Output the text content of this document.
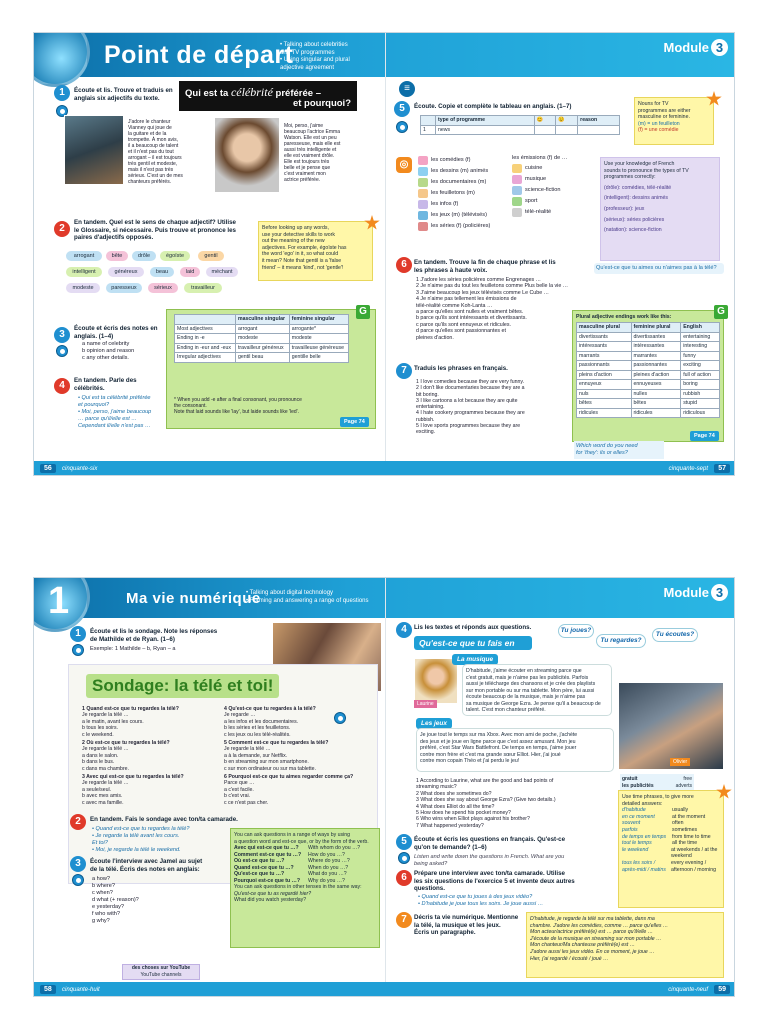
Point de départ
• Talking about celebrities
and TV programmes
• Using singular and plural
adjective agreement
Module 3
1	Écoute et lis. Trouve et traduis en
anglais six adjectifs du texte.	Qui est ta célébrité préférée –
et pourquoi?
J'adore le chanteur
Vianney qui joue de
la guitare et de la
trompette. À mon avis,
il a beaucoup de talent
et il n'est pas du tout
arrogant – il est toujours
très gentil et modeste,
mais il n'est pas très
sérieux. C'est un de mes
chanteurs préférés.
Moi, perso, j'aime
beaucoup l'actrice Emma
Watson. Elle est un peu
paresseuse, mais elle est
aussi très intelligente et
elle est vraiment drôle.
Elle est toujours très
belle et je pense que
c'est vraiment mon
actrice préférée.
2
En tandem. Quel est le sens de chaque adjectif? Utilise
le Glossaire, si nécessaire. Puis trouve et prononce les
paires d'adjectifs opposés.
Before looking up any words,
use your detective skills to work
out the meaning of the new
adjectives. For example, égoïste has
the word 'ego' in it, so what could
it mean? Note that gentil is a 'false
friend' – it means 'kind', not 'gentle'!
arrogant	bête	drôle	égoïste	gentil
intelligent	généreux	beau	laid	méchant
modeste	paresseux	sérieux	travailleur
3
Écoute et écris des notes en
anglais. (1–4)
a name of celebrity
b opinion and reason
c any other details.
4	En tandem. Parle des
célébrités.
• Qui est ta célébrité préférée
et pourquoi?
• Moi, perso, j'aime beaucoup
… parce qu'il/elle est …
Cependant il/elle n'est pas …
G
	masculine singular	feminine singular
Most adjectives	arrogant	arrogante*
Ending in -e	modeste	modeste
Ending in -eur and -eux	travailleur généreux	travailleuse généreuse
Irregular adjectives	gentil beau	gentille belle
* When you add -e after a final consonant, you pronounce
the consonant.
Note that laid sounds like 'lay', but laide sounds like 'led'.
Page 74
56	cinquante-six
≡
5	Écoute. Copie et complète le tableau en anglais. (1–7)
	type of programme	😊	😟	reason
1	news			
Nouns for TV
programmes are either
masculine or feminine.
(m) = un feuilleton
(f) = une comédie
◎	les comédies (f)
les dessins (m) animés
les documentaires (m)
les feuilletons (m)
les infos (f)
les jeux (m) (télévisés)
les séries (f) (policières)
les émissions (f) de …
cuisine
musique
science-fiction
sport
télé-réalité
Use your knowledge of French
sounds to pronounce the types of TV
programmes correctly:
(drôle): comédies, télé-réalité
(intelligent): dessins animés
(professeur): jeux
(sérieux): séries policières
(natation): science-fiction
6	En tandem. Trouve la fin de chaque phrase et lis
les phrases à haute voix.	Qu'est-ce que tu aimes ou n'aimes pas à la télé?
1 J'adore les séries policières comme Engrenages …
2 Je n'aime pas du tout les feuilletons comme Plus belle la vie …
3 J'aime beaucoup les jeux télévisés comme Le Cube …
4 Je n'aime pas tellement les émissions de
télé-réalité comme Koh-Lanta …
a parce qu'elles sont nulles et vraiment bêtes.
b parce qu'ils sont intéressants et divertissants.
c parce qu'ils sont ennuyeux et ridicules.
d parce qu'elles sont passionnantes et
pleines d'action.
Plural adjective endings work like this:	G
masculine plural	feminine plural	English
divertissants	divertissantes	entertaining
intéressants	intéressantes	interesting
marrants	marrantes	funny
passionnants	passionnantes	exciting
pleins d'action	pleines d'action	full of action
ennuyeux	ennuyeuses	boring
nuls	nulles	rubbish
bêtes	bêtes	stupid
ridicules	ridicules	ridiculous
Page 74
7	Traduis les phrases en français.
1 I love comedies because they are very funny.
2 I don't like documentaries because they are a
bit boring.
3 I like cartoons a lot because they are quite
entertaining.
4 I hate cookery programmes because they are
rubbish.
5 I love sports programmes because they are
exciting.
Which word do you need
for 'they': ils or elles?
cinquante-sept	57
1	Ma vie numérique
• Talking about digital technology
• Forming and answering a range of questions
Module 3
1	Écoute et lis le sondage. Note les réponses
de Mathilde et de Ryan. (1–6)
Exemple: 1 Mathilde – b, Ryan – a
Sondage: la télé et toi!
1 Quand est-ce que tu regardes la télé?
Je regarde la télé …
a le matin, avant les cours.
b tous les soirs.
c le weekend.
2 Où est-ce que tu regardes la télé?
Je regarde la télé …
a dans le salon.
b dans le bus.
c dans ma chambre.
3 Avec qui est-ce que tu regardes la télé?
Je regarde la télé …
a seule/seul.
b avec mes amis.
c avec ma famille.
4 Qu'est-ce que tu regardes à la télé?
Je regarde …
a les infos et les documentaires.
b les séries et les feuilletons.
c les jeux ou les télé-réalités.
5 Comment est-ce que tu regardes la télé?
Je regarde la télé …
a à la demande, sur Netflix.
b en streaming sur mon smartphone.
c sur mon ordinateur ou sur ma tablette.
6 Pourquoi est-ce que tu aimes regarder comme ça?
Parce que …
a c'est facile.
b c'est vrai.
c ce n'est pas cher.
2	En tandem. Fais le sondage avec ton/ta camarade.
• Quand est-ce que tu regardes la télé?
• Je regarde la télé avant les cours.
Et toi?
• Moi, je regarde la télé le weekend.
3	Écoute l'interview avec Jamel au sujet
de la télé. Écris des notes en anglais:
a how?
b where?
c when?
d what (+ reason)?
e yesterday?
f who with?
g why?
des choses sur YouTube
YouTube channels
You can ask questions in a range of ways by using
a question word and est-ce que, or by the form of the verb.
Avec qui est-ce que tu …?	With whom do you …?
Comment est-ce que tu …?	How do you …?
Où est-ce que tu …?	Where do you …?
Quand est-ce que tu …?	When do you …?
Qu'est-ce que tu …?	What do you …?
Pourquoi est-ce que tu …?	Why do you …?
You can ask questions in other tenses in the same way:
Qu'est-ce que tu as regardé hier?
What did you watch yesterday?
58	cinquante-huit
4	Lis les textes et réponds aux questions.
Qu'est-ce que tu fais en ligne?
Tu joues?
Tu regardes?
Tu écoutes?
Laurine
La musique
D'habitude, j'aime écouter en streaming parce que
c'est gratuit, mais je n'aime pas les publicités. Parfois
aussi je télécharge des chansons et je crée des playlists
sur mon portable ou sur ma tablette. Mon père, lui aussi
écoute beaucoup de la musique, mais je n'aime pas
sa musique de George Ezra. Je pense qu'il a beaucoup de
talent. C'est mon chanteur préféré.
Les jeux
Je joue tout le temps sur ma Xbox. Avec mon ami de poche, j'achète
des jeux et je joue en ligne parce que c'est assez amusant. Mon jeu
préféré, c'est Star Wars Battlefront. De temps en temps, j'aime jouer
contre mon frère et c'est ma grande sœur Elliot. Hier, j'ai joué
contre mon copain Théo et j'ai perdu le jeu!	Olivier
gratuit	free
les publicités	adverts
1 According to Laurine, what are the good and bad points of
streaming music?
2 What does she sometimes do?
3 What does she say about George Ezra? (Give two details.)
4 What does Elliot do all the time?
5 How does he spend his pocket money?
6 Who wins when Elliot plays against his brother?
7 What happened yesterday?
Use time phrases, to give more
detailed answers:
d'habitude	usually
en ce moment	at the moment
souvent	often
parfois	sometimes
de temps en temps	from time to time
tout le temps	all the time
le weekend	at weekends / at the weekend
tous les soirs / après-midi / matins
every evening / afternoon / morning
5	Écoute et écris les questions en français. Qu'est-ce
qu'on te demande? (1–6)
Listen and write down the questions in French. What are you
being asked?
6	Prépare une interview avec ton/ta camarade. Utilise
les six questions de l'exercice 5 et invente deux autres
questions.
• Quand est-ce que tu joues à des jeux vidéo?
• D'habitude je joue tous les soirs. Je joue aussi …
7	Décris ta vie numérique. Mentionne
la télé, la musique et les jeux.
Écris un paragraphe.
D'habitude, je regarde la télé sur ma tablette, dans ma
chambre. J'adore les comédies, comme … parce qu'elles …
Mon acteur/actrice préféré(e) est … parce qu'il/elle …
J'écoute de la musique en streaming sur mon portable …
Mon chanteur/Ma chanteuse préféré(e) est …
J'adore aussi les jeux vidéo. En ce moment, je joue …
Hier, j'ai regardé / écouté / joué …
cinquante-neuf	59
